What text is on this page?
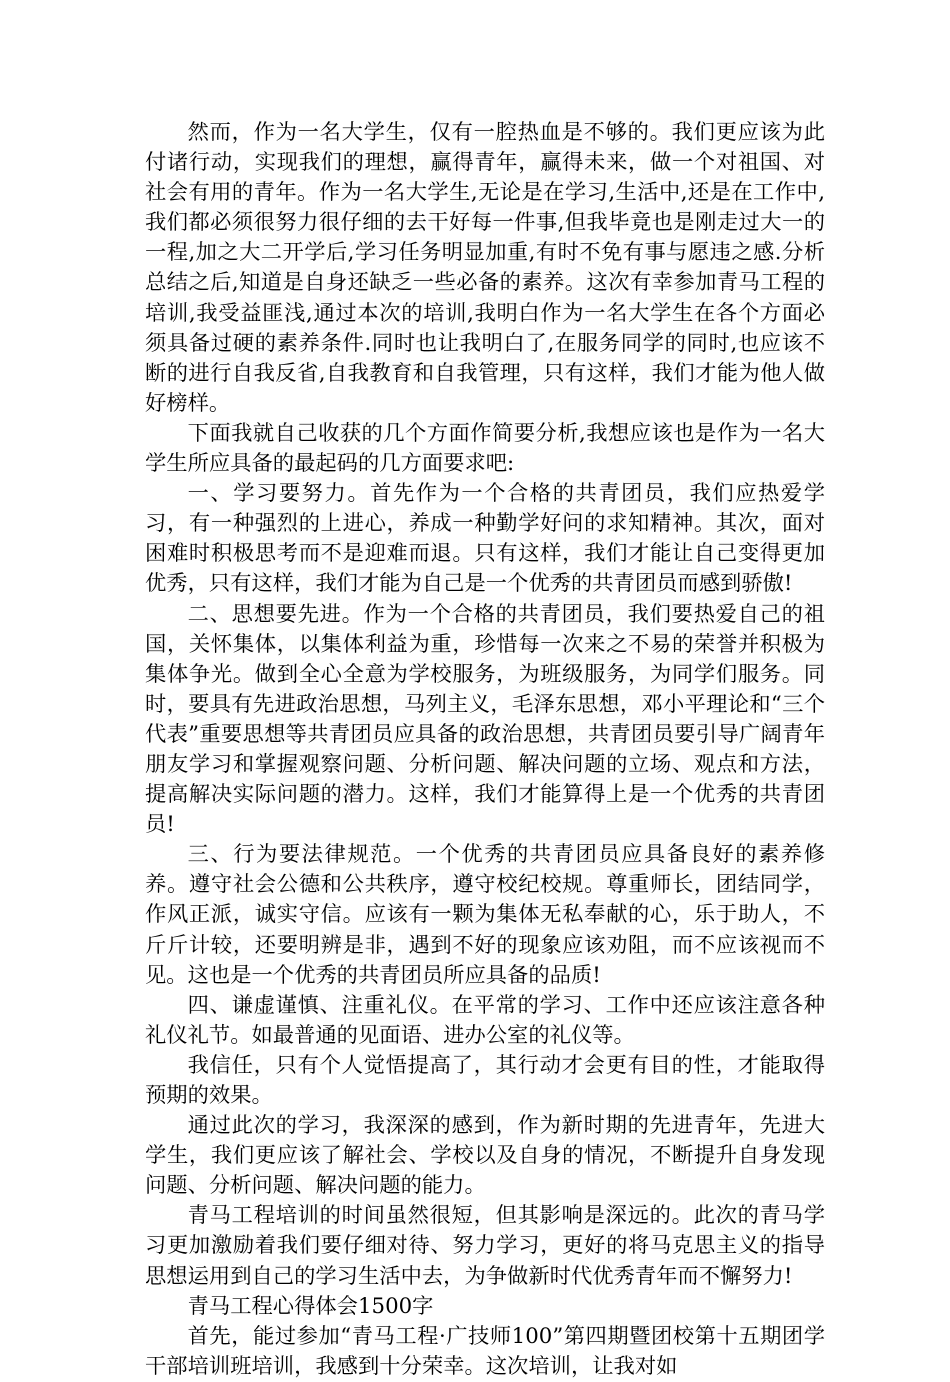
然而，作为一名大学生，仅有一腔热血是不够的。我们更应该为此付诸行动，实现我们的理想，赢得青年，赢得未来，做一个对祖国、对社会有用的青年。作为一名大学生,无论是在学习,生活中,还是在工作中,我们都必须很努力很仔细的去干好每一件事,但我毕竟也是刚走过大一的一程,加之大二开学后,学习任务明显加重,有时不免有事与愿违之感.分析总结之后,知道是自身还缺乏一些必备的素养。这次有幸参加青马工程的培训,我受益匪浅,通过本次的培训,我明白作为一名大学生在各个方面必须具备过硬的素养条件.同时也让我明白了,在服务同学的同时,也应该不断的进行自我反省,自我教育和自我管理，只有这样，我们才能为他人做好榜样。

下面我就自己收获的几个方面作简要分析,我想应该也是作为一名大学生所应具备的最起码的几方面要求吧:

一、学习要努力。首先作为一个合格的共青团员，我们应热爱学习，有一种强烈的上进心，养成一种勤学好问的求知精神。其次，面对困难时积极思考而不是迎难而退。只有这样，我们才能让自己变得更加优秀，只有这样，我们才能为自己是一个优秀的共青团员而感到骄傲!

二、思想要先进。作为一个合格的共青团员，我们要热爱自己的祖国，关怀集体，以集体利益为重，珍惜每一次来之不易的荣誉并积极为集体争光。做到全心全意为学校服务，为班级服务，为同学们服务。同时，要具有先进政治思想，马列主义，毛泽东思想，邓小平理论和“三个代表”重要思想等共青团员应具备的政治思想，共青团员要引导广阔青年朋友学习和掌握观察问题、分析问题、解决问题的立场、观点和方法，提高解决实际问题的潜力。这样，我们才能算得上是一个优秀的共青团员!

三、行为要法律规范。一个优秀的共青团员应具备良好的素养修养。遵守社会公德和公共秩序，遵守校纪校规。尊重师长，团结同学，作风正派，诚实守信。应该有一颗为集体无私奉献的心，乐于助人，不斤斤计较，还要明辨是非，遇到不好的现象应该劝阻，而不应该视而不见。这也是一个优秀的共青团员所应具备的品质!

四、谦虚谨慎、注重礼仪。在平常的学习、工作中还应该注意各种礼仪礼节。如最普通的见面语、进办公室的礼仪等。

我信任，只有个人觉悟提高了，其行动才会更有目的性，才能取得预期的效果。

通过此次的学习，我深深的感到，作为新时期的先进青年，先进大学生，我们更应该了解社会、学校以及自身的情况，不断提升自身发现问题、分析问题、解决问题的能力。

青马工程培训的时间虽然很短，但其影响是深远的。此次的青马学习更加激励着我们要仔细对待、努力学习，更好的将马克思主义的指导思想运用到自己的学习生活中去，为争做新时代优秀青年而不懈努力!

青马工程心得体会1500字

首先，能过参加“青马工程·广技师100”第四期暨团校第十五期团学干部培训班培训，我感到十分荣幸。这次培训，让我对如
